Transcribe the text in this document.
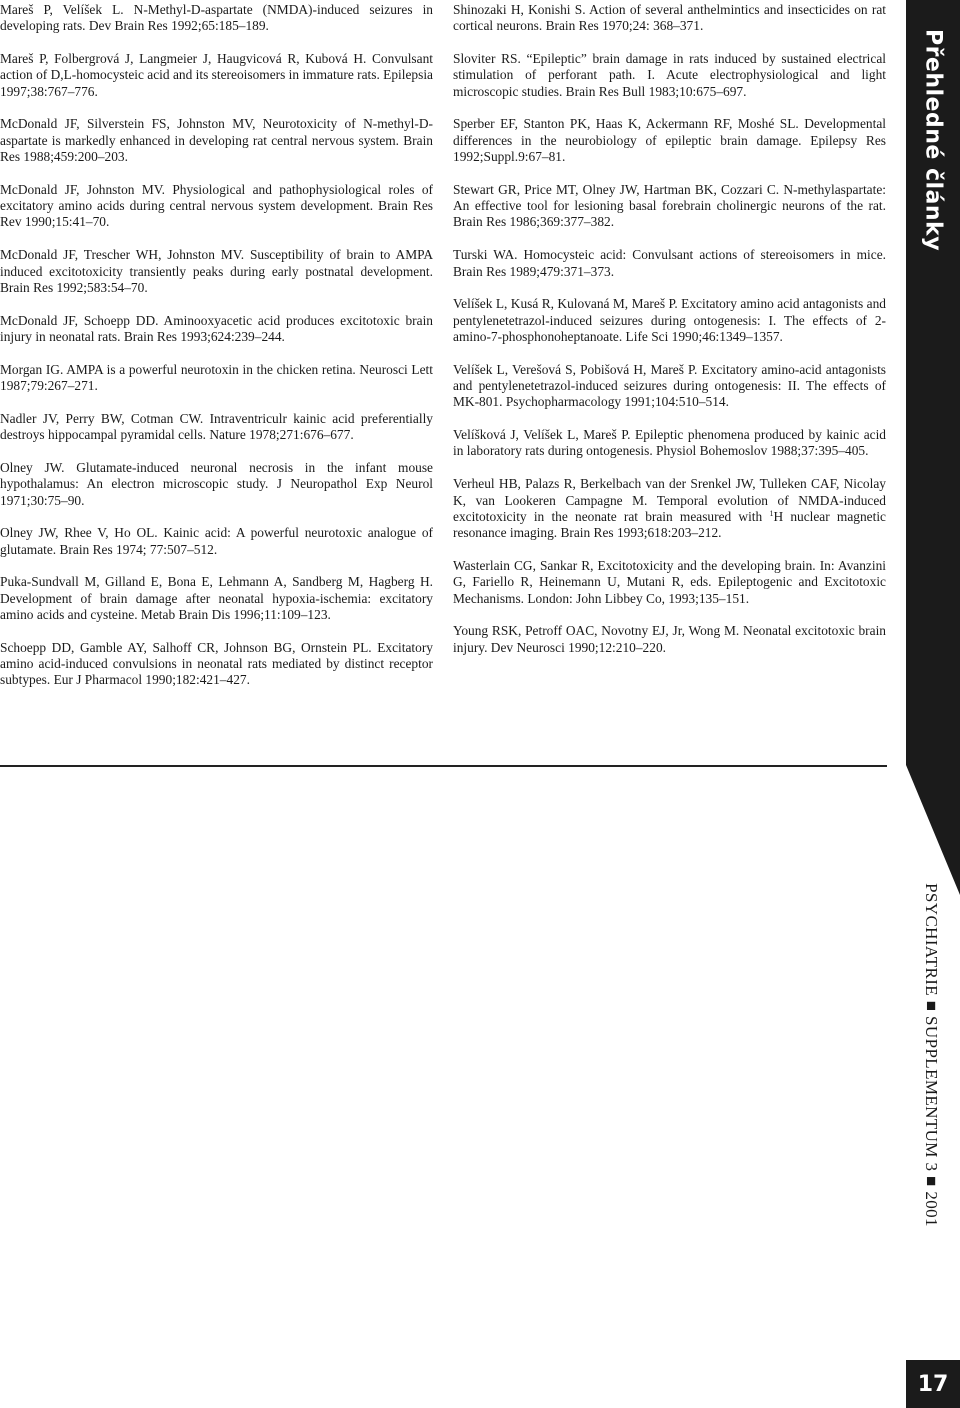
Mareš P, Velíšek L. N-Methyl-D-aspartate (NMDA)-induced seizures in developing rats. Dev Brain Res 1992;65:185–189.

Mareš P, Folbergrová J, Langmeier J, Haugvicová R, Kubová H. Convulsant action of D,L-homocysteic acid and its stereoisomers in immature rats. Epilepsia 1997;38:767–776.

McDonald JF, Silverstein FS, Johnston MV, Neurotoxicity of N-methyl-D-aspartate is markedly enhanced in developing rat central nervous system. Brain Res 1988;459:200–203.

McDonald JF, Johnston MV. Physiological and pathophysiological roles of excitatory amino acids during central nervous system development. Brain Res Rev 1990;15:41–70.

McDonald JF, Trescher WH, Johnston MV. Susceptibility of brain to AMPA induced excitotoxicity transiently peaks during early postnatal development. Brain Res 1992;583:54–70.

McDonald JF, Schoepp DD. Aminooxyacetic acid produces excitotoxic brain injury in neonatal rats. Brain Res 1993;624:239–244.

Morgan IG. AMPA is a powerful neurotoxin in the chicken retina. Neurosci Lett 1987;79:267–271.

Nadler JV, Perry BW, Cotman CW. Intraventriculr kainic acid preferentially destroys hippocampal pyramidal cells. Nature 1978;271:676–677.

Olney JW. Glutamate-induced neuronal necrosis in the infant mouse hypothalamus: An electron microscopic study. J Neuropathol Exp Neurol 1971;30:75–90.

Olney JW, Rhee V, Ho OL. Kainic acid: A powerful neurotoxic analogue of glutamate. Brain Res 1974; 77:507–512.

Puka-Sundvall M, Gilland E, Bona E, Lehmann A, Sandberg M, Hagberg H. Development of brain damage after neonatal hypoxia-ischemia: excitatory amino acids and cysteine. Metab Brain Dis 1996;11:109–123.

Schoepp DD, Gamble AY, Salhoff CR, Johnson BG, Ornstein PL. Excitatory amino acid-induced convulsions in neonatal rats mediated by distinct receptor subtypes. Eur J Pharmacol 1990;182:421–427.

Shinozaki H, Konishi S. Action of several anthelmintics and insecticides on rat cortical neurons. Brain Res 1970;24: 368–371.

Sloviter RS. “Epileptic” brain damage in rats induced by sustained electrical stimulation of perforant path. I. Acute electrophysiological and light microscopic studies. Brain Res Bull 1983;10:675–697.

Sperber EF, Stanton PK, Haas K, Ackermann RF, Moshé SL. Developmental differences in the neurobiology of epileptic brain damage. Epilepsy Res 1992;Suppl.9:67–81.

Stewart GR, Price MT, Olney JW, Hartman BK, Cozzari C. N-methylaspartate: An effective tool for lesioning basal forebrain cholinergic neurons of the rat. Brain Res 1986;369:377–382.

Turski WA. Homocysteic acid: Convulsant actions of stereoisomers in mice. Brain Res 1989;479:371–373.

Velíšek L, Kusá R, Kulovaná M, Mareš P. Excitatory amino acid antagonists and pentylenetetrazol-induced seizures during ontogenesis: I. The effects of 2-amino-7-phosphonoheptanoate. Life Sci 1990;46:1349–1357.

Velíšek L, Verešová S, Pobišová H, Mareš P. Excitatory amino-acid antagonists and pentylenetetrazol-induced seizures during ontogenesis: II. The effects of MK-801. Psychopharmacology 1991;104:510–514.

Velíšková J, Velíšek L, Mareš P. Epileptic phenomena produced by kainic acid in laboratory rats during ontogenesis. Physiol Bohemoslov 1988;37:395–405.

Verheul HB, Palazs R, Berkelbach van der Srenkel JW, Tulleken CAF, Nicolay K, van Lookeren Campagne M. Temporal evolution of NMDA-induced excitotoxicity in the neonate rat brain measured with $^1$H nuclear magnetic resonance imaging. Brain Res 1993;618:203–212.

Wasterlain CG, Sankar R, Excitotoxicity and the developing brain. In: Avanzini G, Fariello R, Heinemann U, Mutani R, eds. Epileptogenic and Excitotoxic Mechanisms. London: John Libbey Co, 1993;135–151.

Young RSK, Petroff OAC, Novotny EJ, Jr, Wong M. Neonatal excitotoxic brain injury. Dev Neurosci 1990;12:210–220.

Přehledné články
PSYCHIATRIE ■ SUPPLEMENTUM 3 ■ 2001
17
